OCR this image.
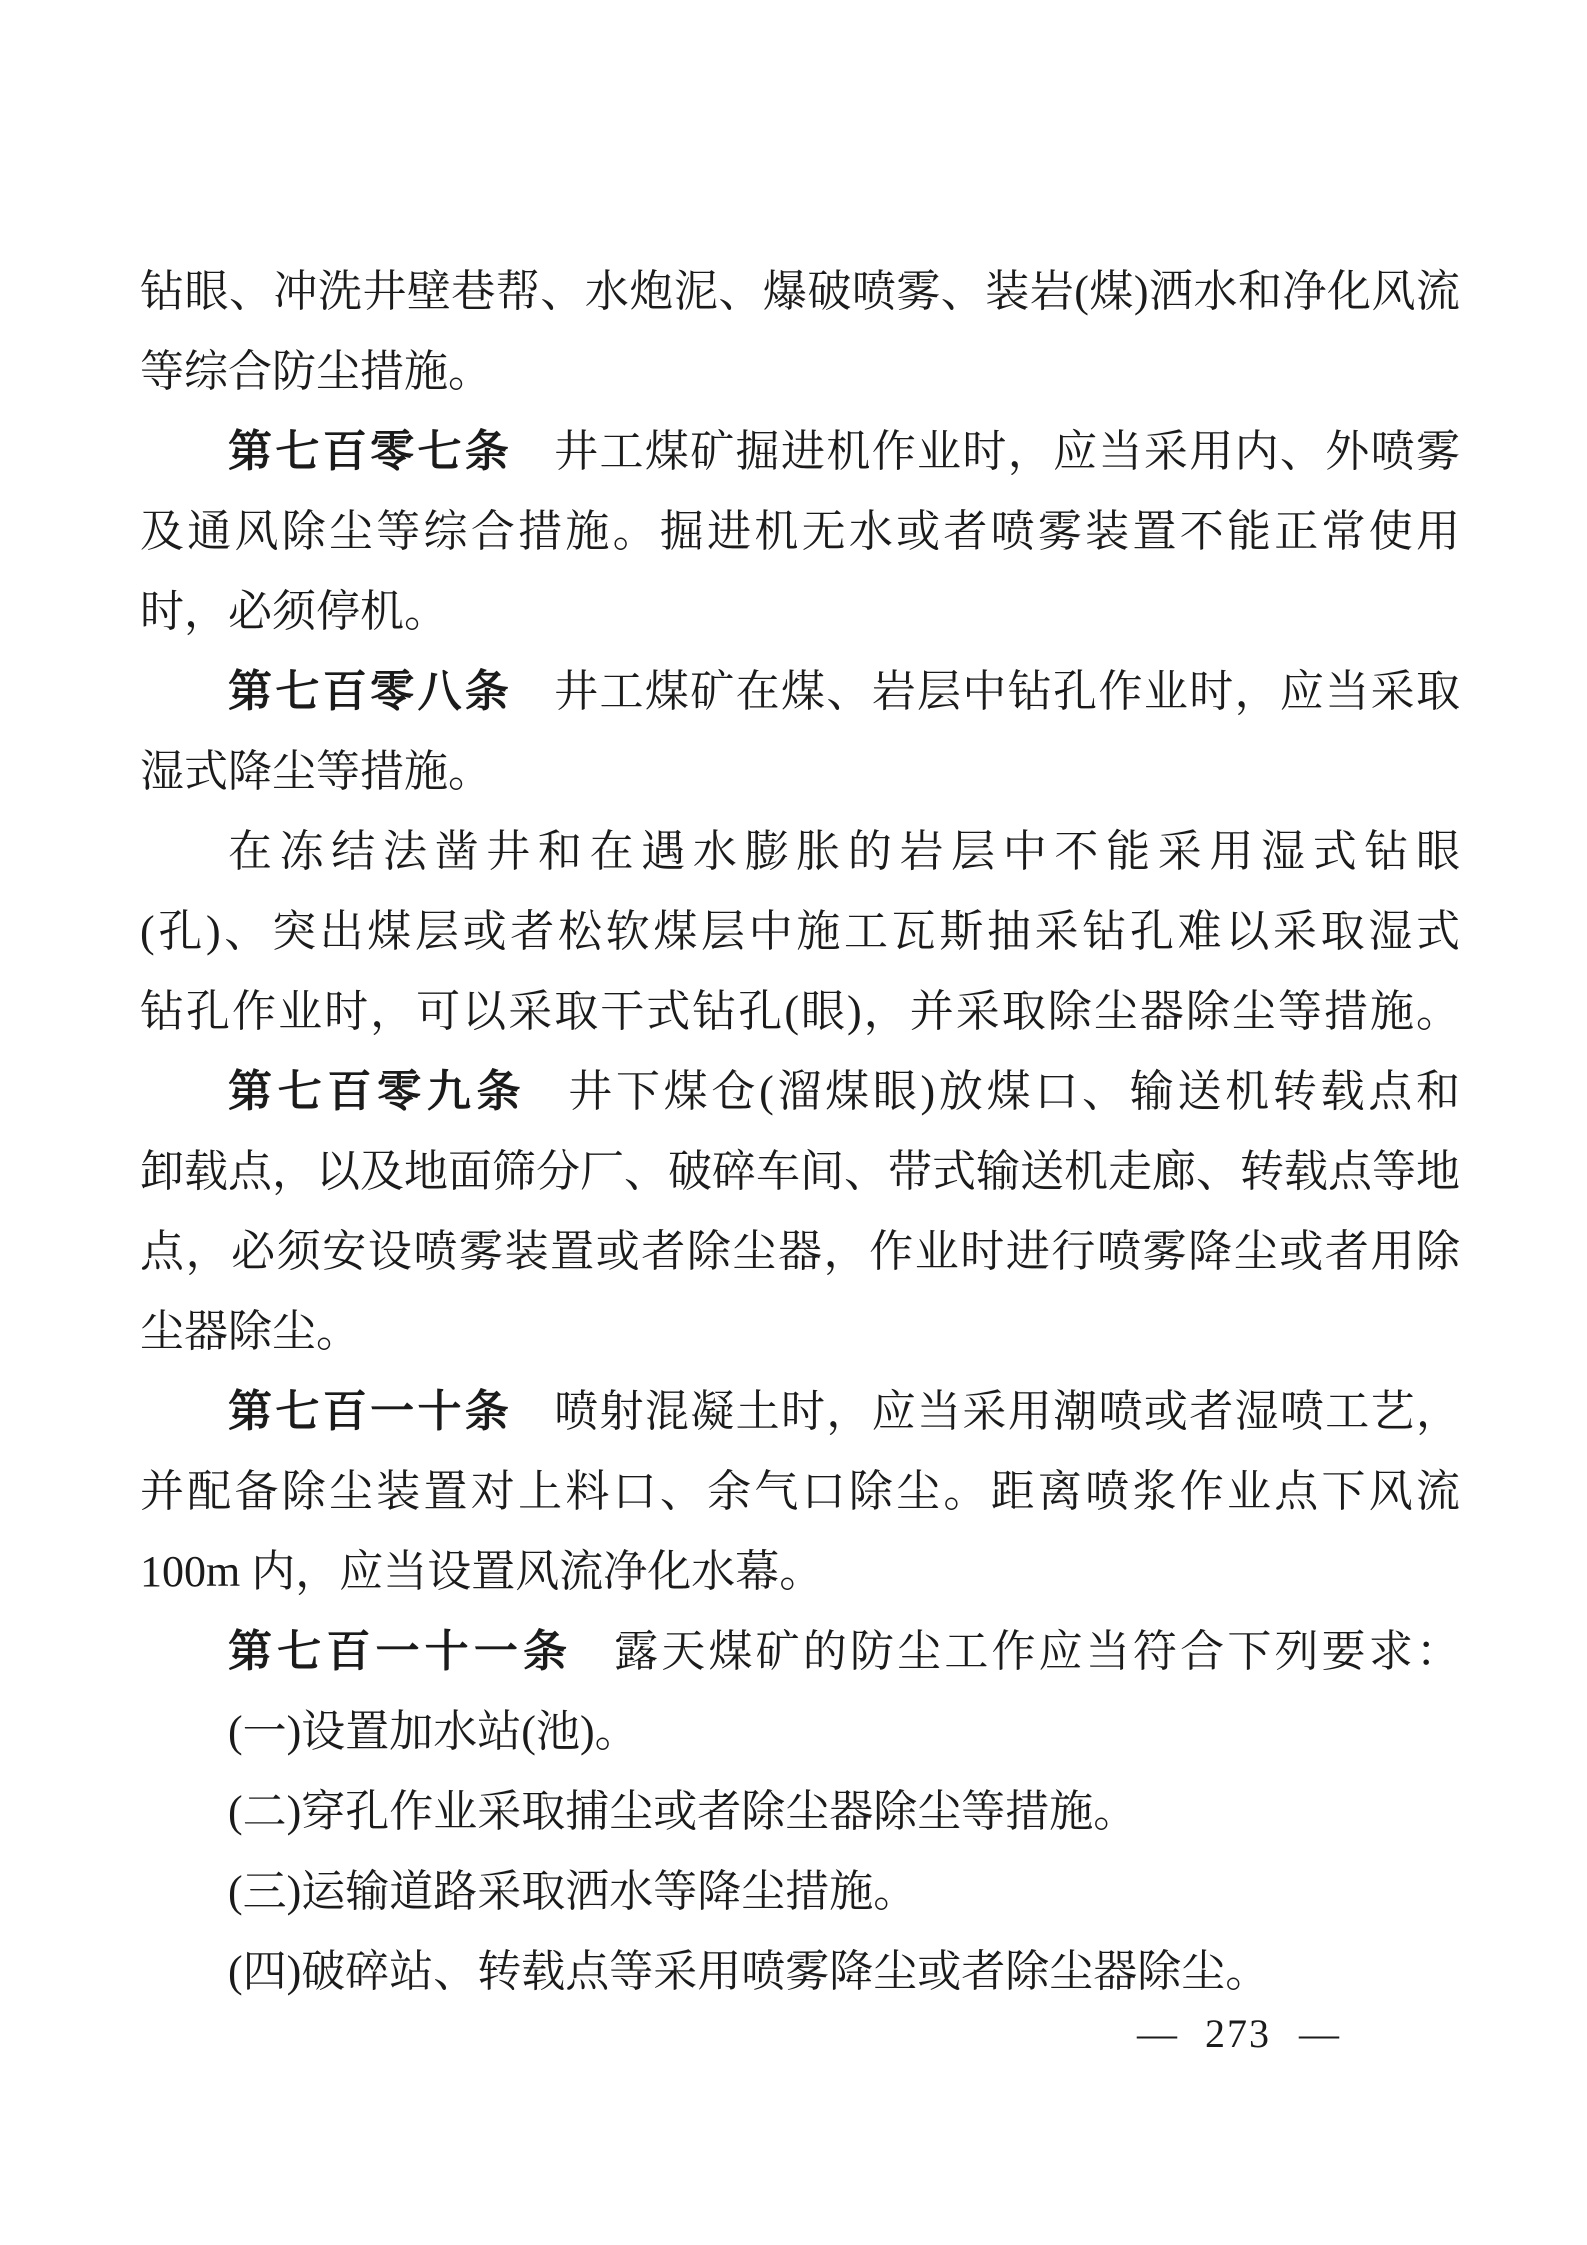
钻眼、冲洗井壁巷帮、水炮泥、爆破喷雾、装岩(煤)洒水和净化风流
等综合防尘措施。
第七百零七条 井工煤矿掘进机作业时，应当采用内、外喷雾
及通风除尘等综合措施。掘进机无水或者喷雾装置不能正常使用
时，必须停机。
第七百零八条 井工煤矿在煤、岩层中钻孔作业时，应当采取
湿式降尘等措施。
在冻结法凿井和在遇水膨胀的岩层中不能采用湿式钻眼
(孔)、突出煤层或者松软煤层中施工瓦斯抽采钻孔难以采取湿式
钻孔作业时，可以采取干式钻孔(眼)，并采取除尘器除尘等措施。
第七百零九条 井下煤仓(溜煤眼)放煤口、输送机转载点和
卸载点，以及地面筛分厂、破碎车间、带式输送机走廊、转载点等地
点，必须安设喷雾装置或者除尘器，作业时进行喷雾降尘或者用除
尘器除尘。
第七百一十条 喷射混凝土时，应当采用潮喷或者湿喷工艺，
并配备除尘装置对上料口、余气口除尘。距离喷浆作业点下风流
100m 内，应当设置风流净化水幕。
第七百一十一条 露天煤矿的防尘工作应当符合下列要求：
(一)设置加水站(池)。
(二)穿孔作业采取捕尘或者除尘器除尘等措施。
(三)运输道路采取洒水等降尘措施。
(四)破碎站、转载点等采用喷雾降尘或者除尘器除尘。
— 273 —
